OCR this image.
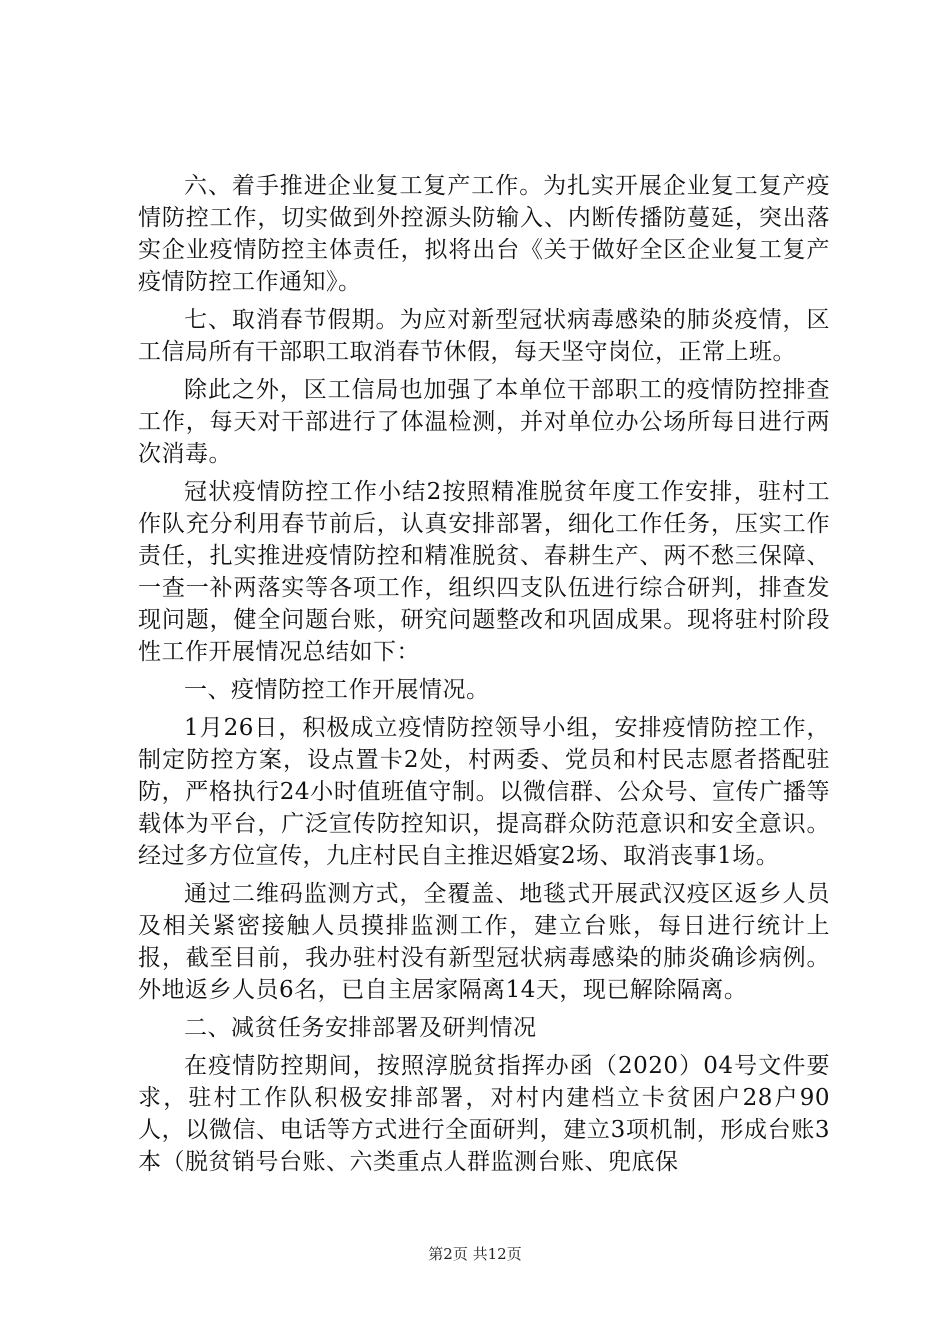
六、着手推进企业复工复产工作。为扎实开展企业复工复产疫情防控工作，切实做到外控源头防输入、内断传播防蔓延，突出落实企业疫情防控主体责任，拟将出台《关于做好全区企业复工复产疫情防控工作通知》。

七、取消春节假期。为应对新型冠状病毒感染的肺炎疫情，区工信局所有干部职工取消春节休假，每天坚守岗位，正常上班。

除此之外，区工信局也加强了本单位干部职工的疫情防控排查工作，每天对干部进行了体温检测，并对单位办公场所每日进行两次消毒。

冠状疫情防控工作小结2按照精准脱贫年度工作安排，驻村工作队充分利用春节前后，认真安排部署，细化工作任务，压实工作责任，扎实推进疫情防控和精准脱贫、春耕生产、两不愁三保障、一查一补两落实等各项工作，组织四支队伍进行综合研判，排查发现问题，健全问题台账，研究问题整改和巩固成果。现将驻村阶段性工作开展情况总结如下：

一、疫情防控工作开展情况。

1月26日，积极成立疫情防控领导小组，安排疫情防控工作，制定防控方案，设点置卡2处，村两委、党员和村民志愿者搭配驻防，严格执行24小时值班值守制。以微信群、公众号、宣传广播等载体为平台，广泛宣传防控知识，提高群众防范意识和安全意识。经过多方位宣传，九庄村民自主推迟婚宴2场、取消丧事1场。

通过二维码监测方式，全覆盖、地毯式开展武汉疫区返乡人员及相关紧密接触人员摸排监测工作，建立台账，每日进行统计上报，截至目前，我办驻村没有新型冠状病毒感染的肺炎确诊病例。外地返乡人员6名，已自主居家隔离14天，现已解除隔离。

二、减贫任务安排部署及研判情况

在疫情防控期间，按照淳脱贫指挥办函（2020）04号文件要求，驻村工作队积极安排部署，对村内建档立卡贫困户28户90人，以微信、电话等方式进行全面研判，建立3项机制，形成台账3本（脱贫销号台账、六类重点人群监测台账、兜底保

第2页 共12页
